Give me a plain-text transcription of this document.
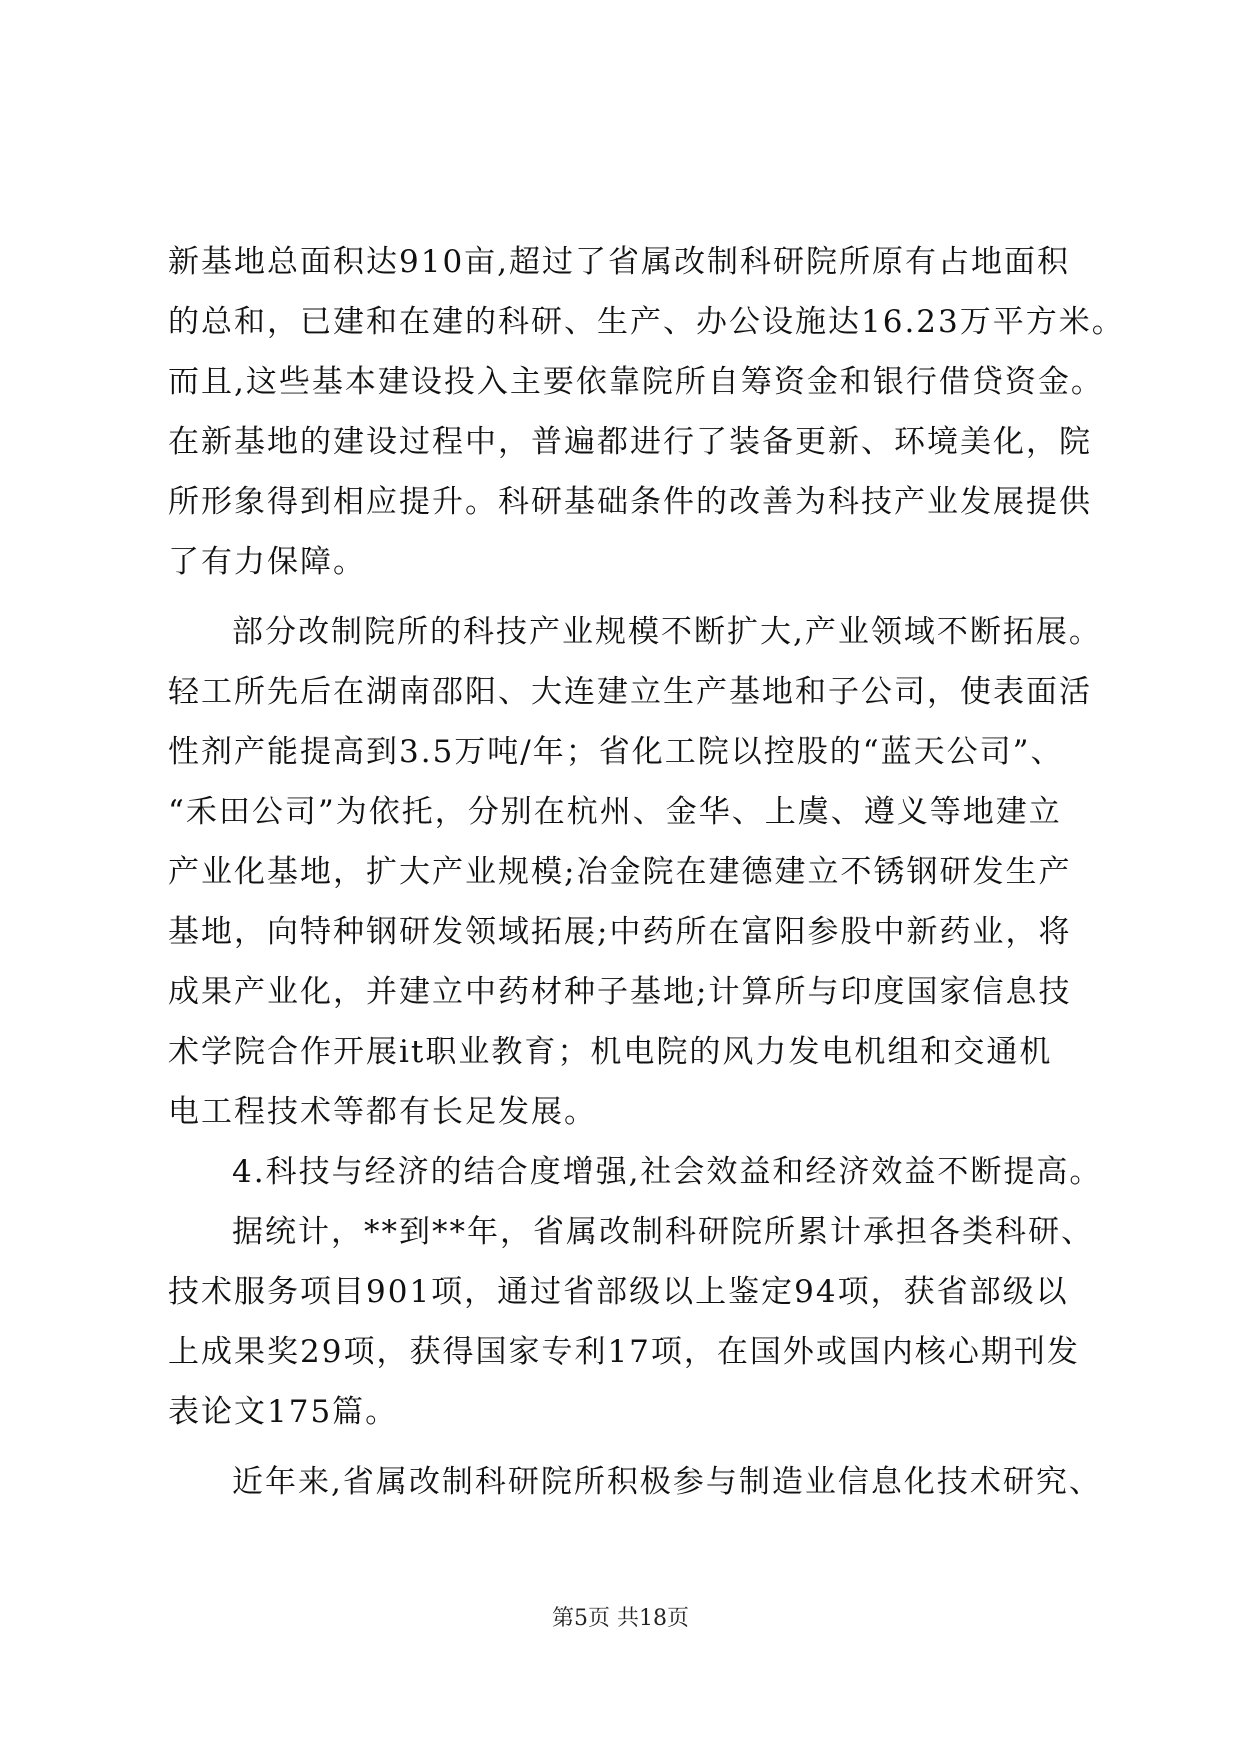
新基地总面积达910亩,超过了省属改制科研院所原有占地面积
的总和，已建和在建的科研、生产、办公设施达16.23万平方米。
而且,这些基本建设投入主要依靠院所自筹资金和银行借贷资金。
在新基地的建设过程中，普遍都进行了装备更新、环境美化，院
所形象得到相应提升。科研基础条件的改善为科技产业发展提供
了有力保障。
部分改制院所的科技产业规模不断扩大,产业领域不断拓展。
轻工所先后在湖南邵阳、大连建立生产基地和子公司，使表面活
性剂产能提高到3.5万吨/年；省化工院以控股的“蓝天公司”、
“禾田公司”为依托，分别在杭州、金华、上虞、遵义等地建立
产业化基地，扩大产业规模;冶金院在建德建立不锈钢研发生产
基地，向特种钢研发领域拓展;中药所在富阳参股中新药业，将
成果产业化，并建立中药材种子基地;计算所与印度国家信息技
术学院合作开展it职业教育；机电院的风力发电机组和交通机
电工程技术等都有长足发展。
4.科技与经济的结合度增强,社会效益和经济效益不断提高。
据统计，**到**年，省属改制科研院所累计承担各类科研、
技术服务项目901项，通过省部级以上鉴定94项，获省部级以
上成果奖29项，获得国家专利17项，在国外或国内核心期刊发
表论文175篇。
近年来,省属改制科研院所积极参与制造业信息化技术研究、
第5页 共18页
